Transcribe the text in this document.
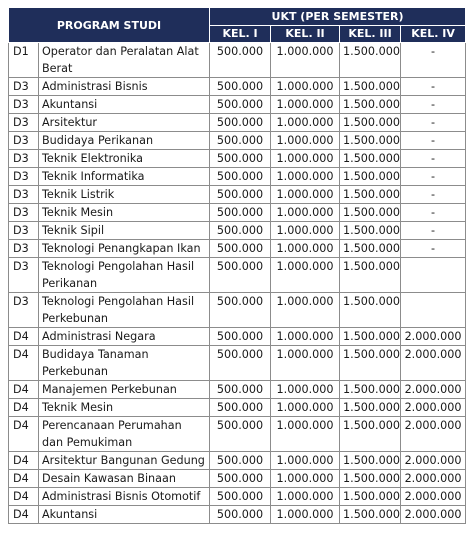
PROGRAM STUDI		UKT (PER SEMESTER)			
		KEL. I	KEL. II	KEL. III	KEL. IV
D1	Operator dan Peralatan Alat Berat	500.000	1.000.000	1.500.000	-
D3	Administrasi Bisnis	500.000	1.000.000	1.500.000	-
D3	Akuntansi	500.000	1.000.000	1.500.000	-
D3	Arsitektur	500.000	1.000.000	1.500.000	-
D3	Budidaya Perikanan	500.000	1.000.000	1.500.000	-
D3	Teknik Elektronika	500.000	1.000.000	1.500.000	-
D3	Teknik Informatika	500.000	1.000.000	1.500.000	-
D3	Teknik Listrik	500.000	1.000.000	1.500.000	-
D3	Teknik Mesin	500.000	1.000.000	1.500.000	-
D3	Teknik Sipil	500.000	1.000.000	1.500.000	-
D3	Teknologi Penangkapan Ikan	500.000	1.000.000	1.500.000	-
D3	Teknologi Pengolahan Hasil Perikanan	500.000	1.000.000	1.500.000	
D3	Teknologi Pengolahan Hasil Perkebunan	500.000	1.000.000	1.500.000	
D4	Administrasi Negara	500.000	1.000.000	1.500.000	2.000.000
D4	Budidaya Tanaman Perkebunan	500.000	1.000.000	1.500.000	2.000.000
D4	Manajemen Perkebunan	500.000	1.000.000	1.500.000	2.000.000
D4	Teknik Mesin	500.000	1.000.000	1.500.000	2.000.000
D4	Perencanaan Perumahan dan Pemukiman	500.000	1.000.000	1.500.000	2.000.000
D4	Arsitektur Bangunan Gedung	500.000	1.000.000	1.500.000	2.000.000
D4	Desain Kawasan Binaan	500.000	1.000.000	1.500.000	2.000.000
D4	Administrasi Bisnis Otomotif	500.000	1.000.000	1.500.000	2.000.000
D4	Akuntansi	500.000	1.000.000	1.500.000	2.000.000
